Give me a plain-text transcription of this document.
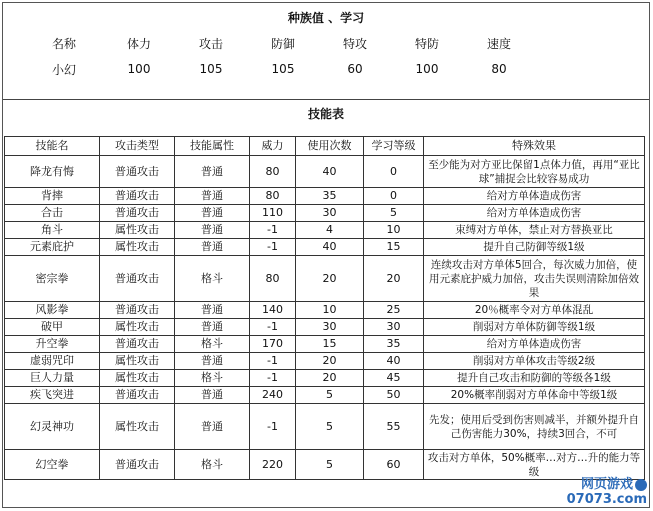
种族值 、学习
名称	体力	攻击	防御	特攻	特防	速度
小幻	100	105	105	60	100	80
技能表
技能名	攻击类型	技能属性	威力	使用次数	学习等级	特殊效果
降龙有悔	普通攻击	普通	80	40	0	至少能为对方亚比保留1点体力值，再用“亚比球”捕捉会比较容易成功
背摔	普通攻击	普通	80	35	0	给对方单体造成伤害
合击	普通攻击	普通	110	30	5	给对方单体造成伤害
角斗	属性攻击	普通	-1	4	10	束缚对方单体，禁止对方替换亚比
元素庇护	属性攻击	普通	-1	40	15	提升自己防御等级1级
密宗拳	普通攻击	格斗	80	20	20	连续攻击对方单体5回合，每次威力加倍，使用元素庇护威力加倍，攻击失误则清除加倍效果
风影拳	普通攻击	普通	140	10	25	20％概率令对方单体混乱
破甲	属性攻击	普通	-1	30	30	削弱对方单体防御等级1级
升空拳	普通攻击	格斗	170	15	35	给对方单体造成伤害
虚弱咒印	属性攻击	普通	-1	20	40	削弱对方单体攻击等级2级
巨人力量	属性攻击	格斗	-1	20	45	提升自己攻击和防御的等级各1级
疾飞突进	普通攻击	普通	240	5	50	20%概率削弱对方单体命中等级1级
幻灵神功	属性攻击	普通	-1	5	55	先发；使用后受到伤害则减半，并额外提升自己伤害能力30%，持续3回合，不可
幻空拳	普通攻击	格斗	220	5	60	攻击对方单体，50%概率…对方…升的能力等级
网页游戏
07073.com
